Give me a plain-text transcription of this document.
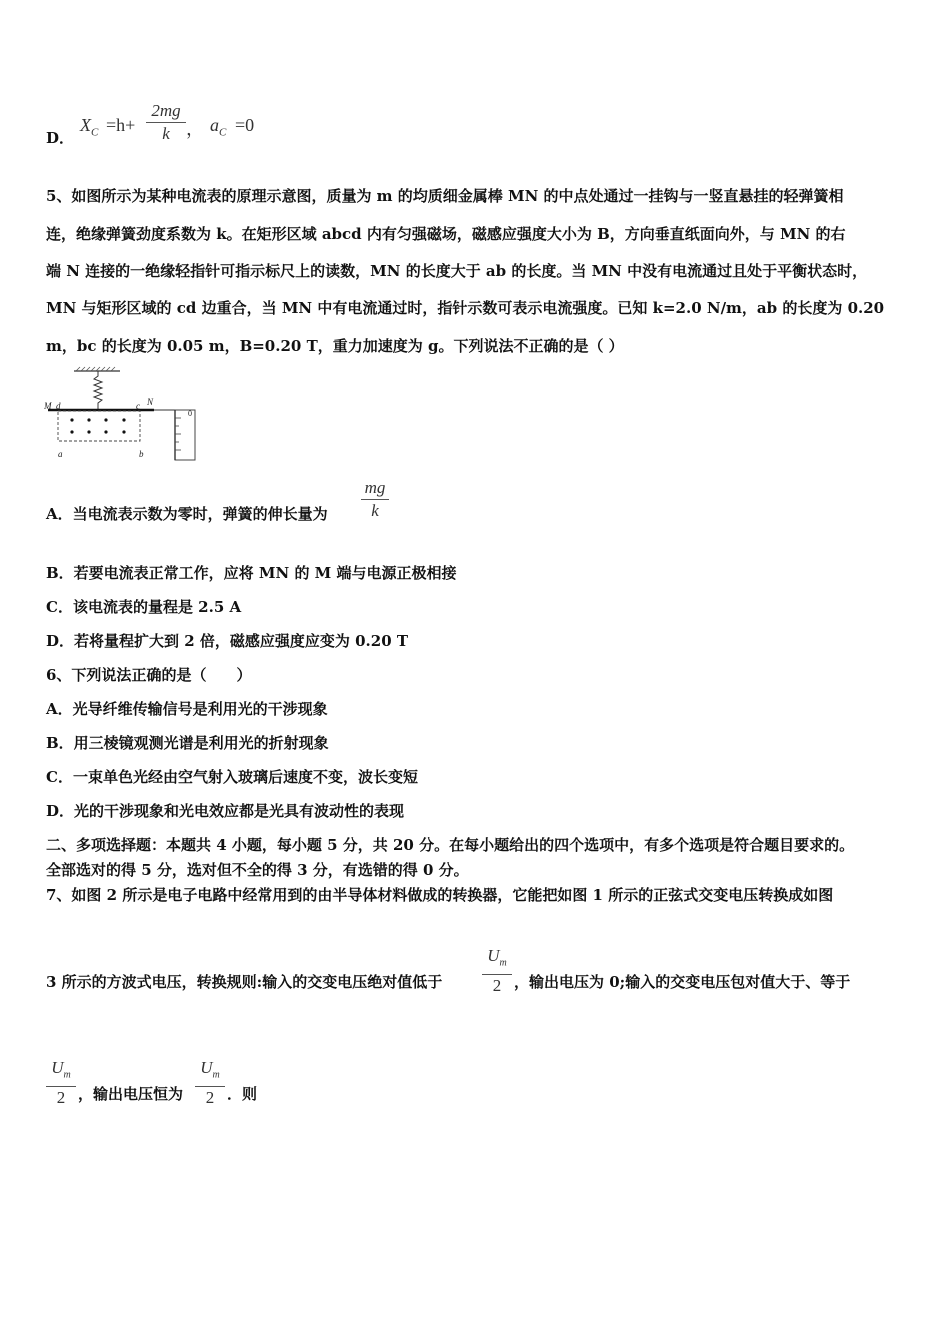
D．
$X_C =h+$
2mg
k ， $a_C =0$
5、如图所示为某种电流表的原理示意图，质量为 m 的均质细金属棒 MN 的中点处通过一挂钩与一竖直悬挂的轻弹簧相
连，绝缘弹簧劲度系数为 k。在矩形区域 abcd 内有匀强磁场，磁感应强度大小为 B，方向垂直纸面向外，与 MN 的右
端 N 连接的一绝缘轻指针可指示标尺上的读数，MN 的长度大于 ab 的长度。当 MN 中没有电流通过且处于平衡状态时，
MN 与矩形区域的 cd 边重合，当 MN 中有电流通过时，指针示数可表示电流强度。已知 k=2.0 N/m，ab 的长度为 0.20
m，bc 的长度为 0.05 m，B=0.20 T，重力加速度为 g。下列说法不正确的是（ ）
M d	c N
a	b
0
A．当电流表示数为零时，弹簧的伸长量为
mg
k
B．若要电流表正常工作，应将 MN 的 M 端与电源正极相接
C．该电流表的量程是 2.5 A
D．若将量程扩大到 2 倍，磁感应强度应变为 0.20 T
6、下列说法正确的是（　　）
A．光导纤维传输信号是利用光的干涉现象
B．用三棱镜观测光谱是利用光的折射现象
C．一束单色光经由空气射入玻璃后速度不变，波长变短
D．光的干涉现象和光电效应都是光具有波动性的表现
二、多项选择题：本题共 4 小题，每小题 5 分，共 20 分。在每小题给出的四个选项中，有多个选项是符合题目要求的。
全部选对的得 5 分，选对但不全的得 3 分，有选错的得 0 分。
7、如图 2 所示是电子电路中经常用到的由半导体材料做成的转换器，它能把如图 1 所示的正弦式交变电压转换成如图
3 所示的方波式电压，转换规则:输入的交变电压绝对值低于
$U_m$
2 ，输出电压为 0;输入的交变电压包对值大于、等于
$U_m$
2 ，输出电压恒为
$U_m$
2 ．则
